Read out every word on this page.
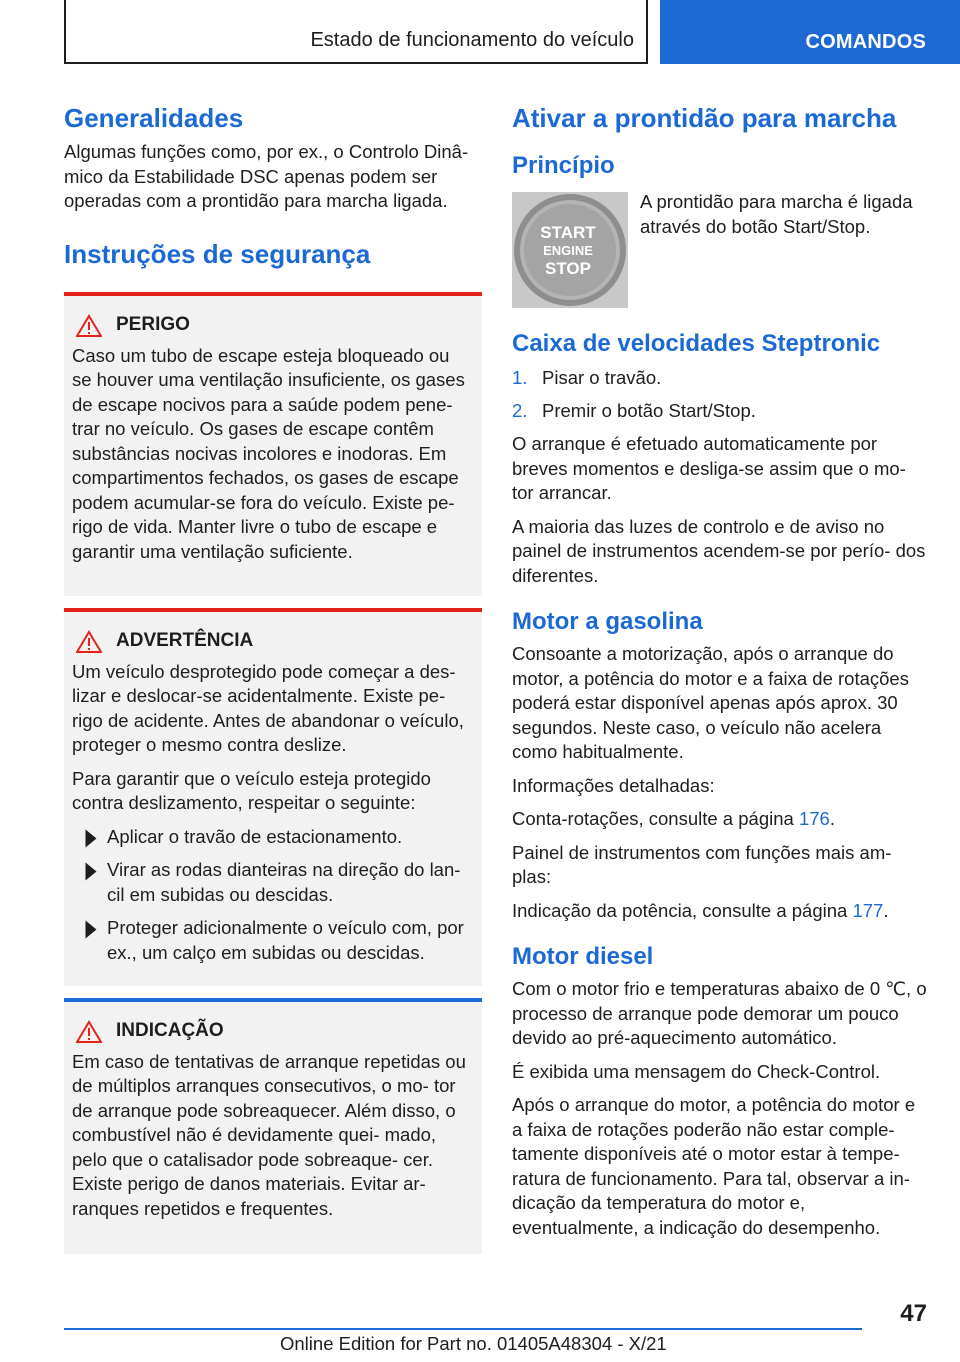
Estado de funcionamento do veículo	COMANDOS
Generalidades

Algumas funções como, por ex., o Controlo Dinâ- mico da Estabilidade DSC apenas podem ser operadas com a prontidão para marcha ligada.

Instruções de segurança
PERIGO

Caso um tubo de escape esteja bloqueado ou se houver uma ventilação insuficiente, os gases de escape nocivos para a saúde podem pene- trar no veículo. Os gases de escape contêm substâncias nocivas incolores e inodoras. Em compartimentos fechados, os gases de escape podem acumular-se fora do veículo. Existe pe- rigo de vida. Manter livre o tubo de escape e garantir uma ventilação suficiente.

ADVERTÊNCIA

Um veículo desprotegido pode começar a des- lizar e deslocar-se acidentalmente. Existe pe- rigo de acidente. Antes de abandonar o veículo, proteger o mesmo contra deslize.

Para garantir que o veículo esteja protegido contra deslizamento, respeitar o seguinte:

Aplicar o travão de estacionamento.
Virar as rodas dianteiras na direção do lan- cil em subidas ou descidas.
Proteger adicionalmente o veículo com, por ex., um calço em subidas ou descidas.
INDICAÇÃO

Em caso de tentativas de arranque repetidas ou de múltiplos arranques consecutivos, o mo- tor de arranque pode sobreaquecer. Além disso, o combustível não é devidamente quei- mado, pelo que o catalisador pode sobreaque- cer. Existe perigo de danos materiais. Evitar ar- ranques repetidos e frequentes.

Ativar a prontidão para marcha
Princípio
START
ENGINE
STOP

A prontidão para marcha é ligada através do botão Start/Stop.

Caixa de velocidades Steptronic
1. Pisar o travão.
2. Premir o botão Start/Stop.

O arranque é efetuado automaticamente por breves momentos e desliga-se assim que o mo- tor arrancar.

A maioria das luzes de controlo e de aviso no painel de instrumentos acendem-se por perío- dos diferentes.

Motor a gasolina

Consoante a motorização, após o arranque do motor, a potência do motor e a faixa de rotações poderá estar disponível apenas após aprox. 30 segundos. Neste caso, o veículo não acelera como habitualmente.

Informações detalhadas:

Conta-rotações, consulte a página 176.

Painel de instrumentos com funções mais am- plas:

Indicação da potência, consulte a página 177.

Motor diesel

Com o motor frio e temperaturas abaixo de 0 ℃, o processo de arranque pode demorar um pouco devido ao pré-aquecimento automático.

É exibida uma mensagem do Check-Control.

Após o arranque do motor, a potência do motor e a faixa de rotações poderão não estar comple- tamente disponíveis até o motor estar à tempe- ratura de funcionamento. Para tal, observar a in- dicação da temperatura do motor e, eventualmente, a indicação do desempenho.

47
Online Edition for Part no. 01405A48304 - X/21
